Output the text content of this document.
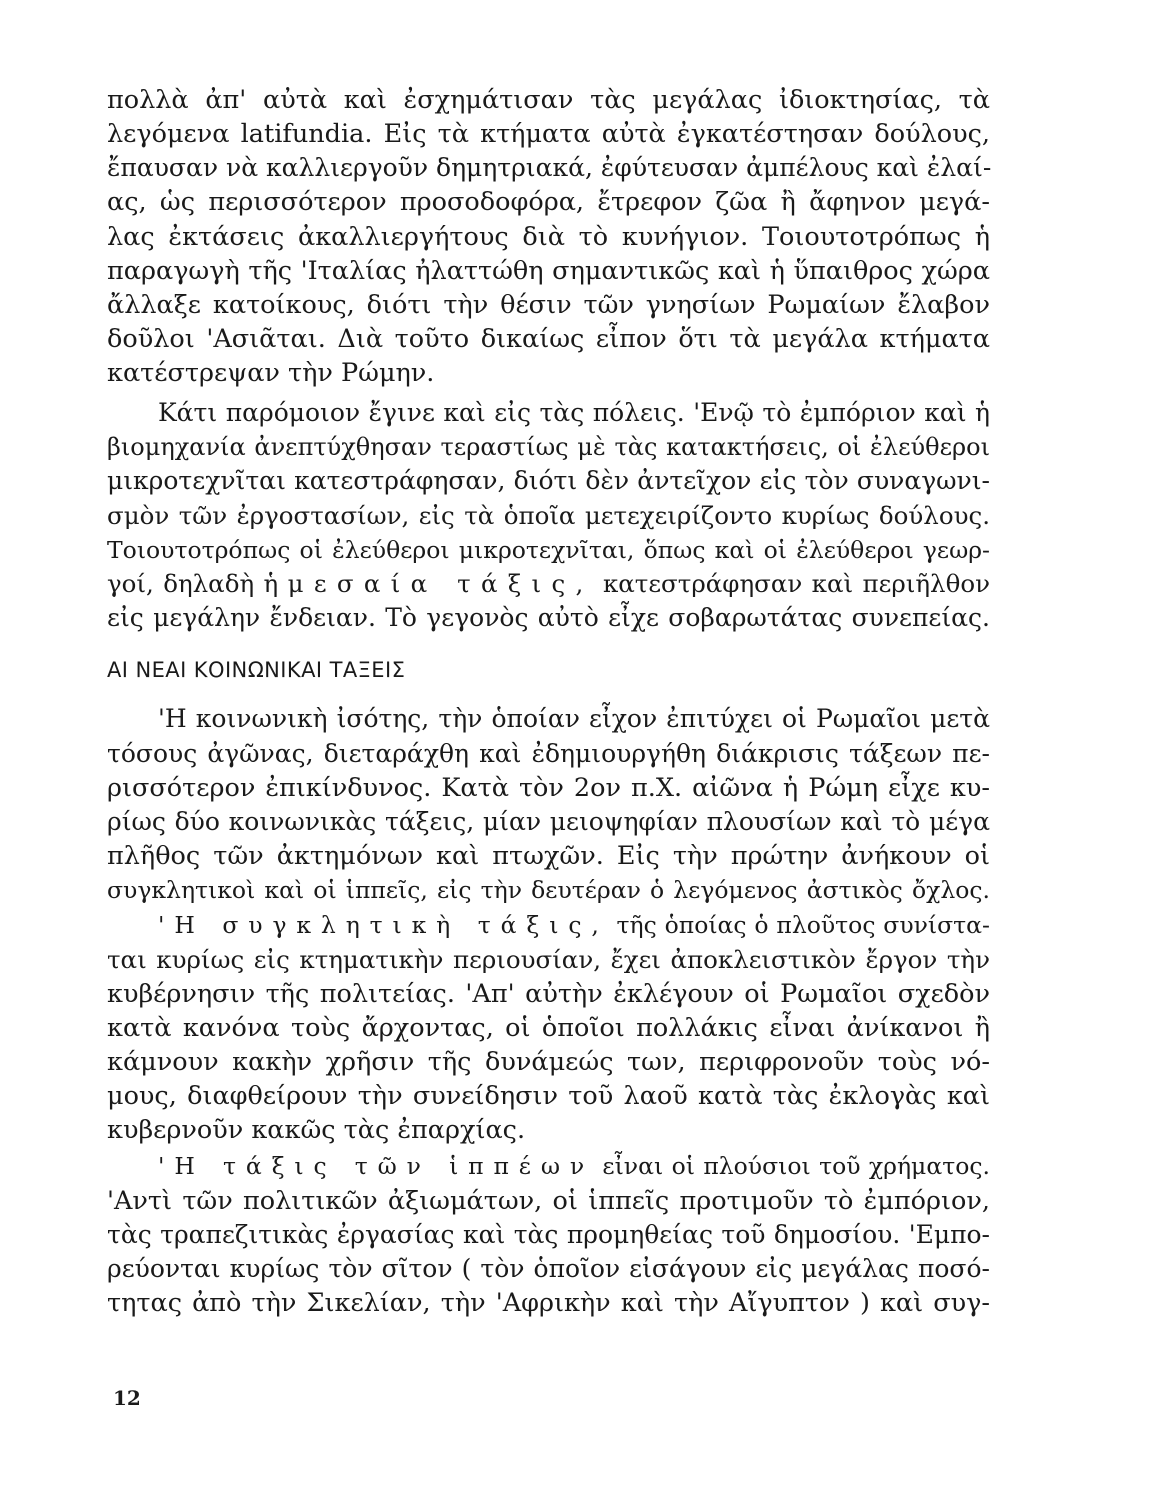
πολλὰ ἀπ' αὐτὰ καὶ ἐσχημάτισαν τὰς μεγάλας ἰδιοκτησίας, τὰ
λεγόμενα latifundia. Εἰς τὰ κτήματα αὐτὰ ἐγκατέστησαν δούλους,
ἔπαυσαν νὰ καλλιεργοῦν δημητριακά, ἐφύτευσαν ἀμπέλους καὶ ἐλαί-
ας, ὡς περισσότερον προσοδοφόρα, ἔτρεφον ζῶα ἢ ἄφηνον μεγά-
λας ἐκτάσεις ἀκαλλιεργήτους διὰ τὸ κυνήγιον. Τοιουτοτρόπως ἡ
παραγωγὴ τῆς 'Ιταλίας ἠλαττώθη σημαντικῶς καὶ ἡ ὕπαιθρος χώρα
ἄλλαξε κατοίκους, διότι τὴν θέσιν τῶν γνησίων Ρωμαίων ἔλαβον
δοῦλοι 'Ασιᾶται. Διὰ τοῦτο δικαίως εἶπον ὅτι τὰ μεγάλα κτήματα
κατέστρεψαν τὴν Ρώμην.
Κάτι παρόμοιον ἔγινε καὶ εἰς τὰς πόλεις. 'Ενῷ τὸ ἐμπόριον καὶ ἡ
βιομηχανία ἀνεπτύχθησαν τεραστίως μὲ τὰς κατακτήσεις, οἱ ἐλεύθεροι
μικροτεχνῖται κατεστράφησαν, διότι δὲν ἀντεῖχον εἰς τὸν συναγωνι-
σμὸν τῶν ἐργοστασίων, εἰς τὰ ὁποῖα μετεχειρίζοντο κυρίως δούλους.
Τοιουτοτρόπως οἱ ἐλεύθεροι μικροτεχνῖται, ὅπως καὶ οἱ ἐλεύθεροι γεωρ-
γοί, δηλαδὴ ἡ μεσαία τάξις, κατεστράφησαν καὶ περιῆλθον
εἰς μεγάλην ἔνδειαν. Τὸ γεγονὸς αὐτὸ εἶχε σοβαρωτάτας συνεπείας.
ΑΙ ΝΕΑΙ ΚΟΙΝΩΝΙΚΑΙ ΤΑΞΕΙΣ
'Η κοινωνικὴ ἰσότης, τὴν ὁποίαν εἶχον ἐπιτύχει οἱ Ρωμαῖοι μετὰ
τόσους ἀγῶνας, διεταράχθη καὶ ἐδημιουργήθη διάκρισις τάξεων πε-
ρισσότερον ἐπικίνδυνος. Κατὰ τὸν 2ον π.Χ. αἰῶνα ἡ Ρώμη εἶχε κυ-
ρίως δύο κοινωνικὰς τάξεις, μίαν μειοψηφίαν πλουσίων καὶ τὸ μέγα
πλῆθος τῶν ἀκτημόνων καὶ πτωχῶν. Εἰς τὴν πρώτην ἀνήκουν οἱ
συγκλητικοὶ καὶ οἱ ἱππεῖς, εἰς τὴν δευτέραν ὁ λεγόμενος ἀστικὸς ὄχλος.
'Η συγκλητικὴ τάξις, τῆς ὁποίας ὁ πλοῦτος συνίστα-
ται κυρίως εἰς κτηματικὴν περιουσίαν, ἔχει ἀποκλειστικὸν ἔργον τὴν
κυβέρνησιν τῆς πολιτείας. 'Απ' αὐτὴν ἐκλέγουν οἱ Ρωμαῖοι σχεδὸν
κατὰ κανόνα τοὺς ἄρχοντας, οἱ ὁποῖοι πολλάκις εἶναι ἀνίκανοι ἢ
κάμνουν κακὴν χρῆσιν τῆς δυνάμεώς των, περιφρονοῦν τοὺς νό-
μους, διαφθείρουν τὴν συνείδησιν τοῦ λαοῦ κατὰ τὰς ἐκλογὰς καὶ
κυβερνοῦν κακῶς τὰς ἐπαρχίας.
'Η τάξις τῶν ἱππέων εἶναι οἱ πλούσιοι τοῦ χρήματος.
'Αντὶ τῶν πολιτικῶν ἀξιωμάτων, οἱ ἱππεῖς προτιμοῦν τὸ ἐμπόριον,
τὰς τραπεζιτικὰς ἐργασίας καὶ τὰς προμηθείας τοῦ δημοσίου. 'Εμπο-
ρεύονται κυρίως τὸν σῖτον ( τὸν ὁποῖον εἰσάγουν εἰς μεγάλας ποσό-
τητας ἀπὸ τὴν Σικελίαν, τὴν 'Αφρικὴν καὶ τὴν Αἴγυπτον ) καὶ συγ-
12
